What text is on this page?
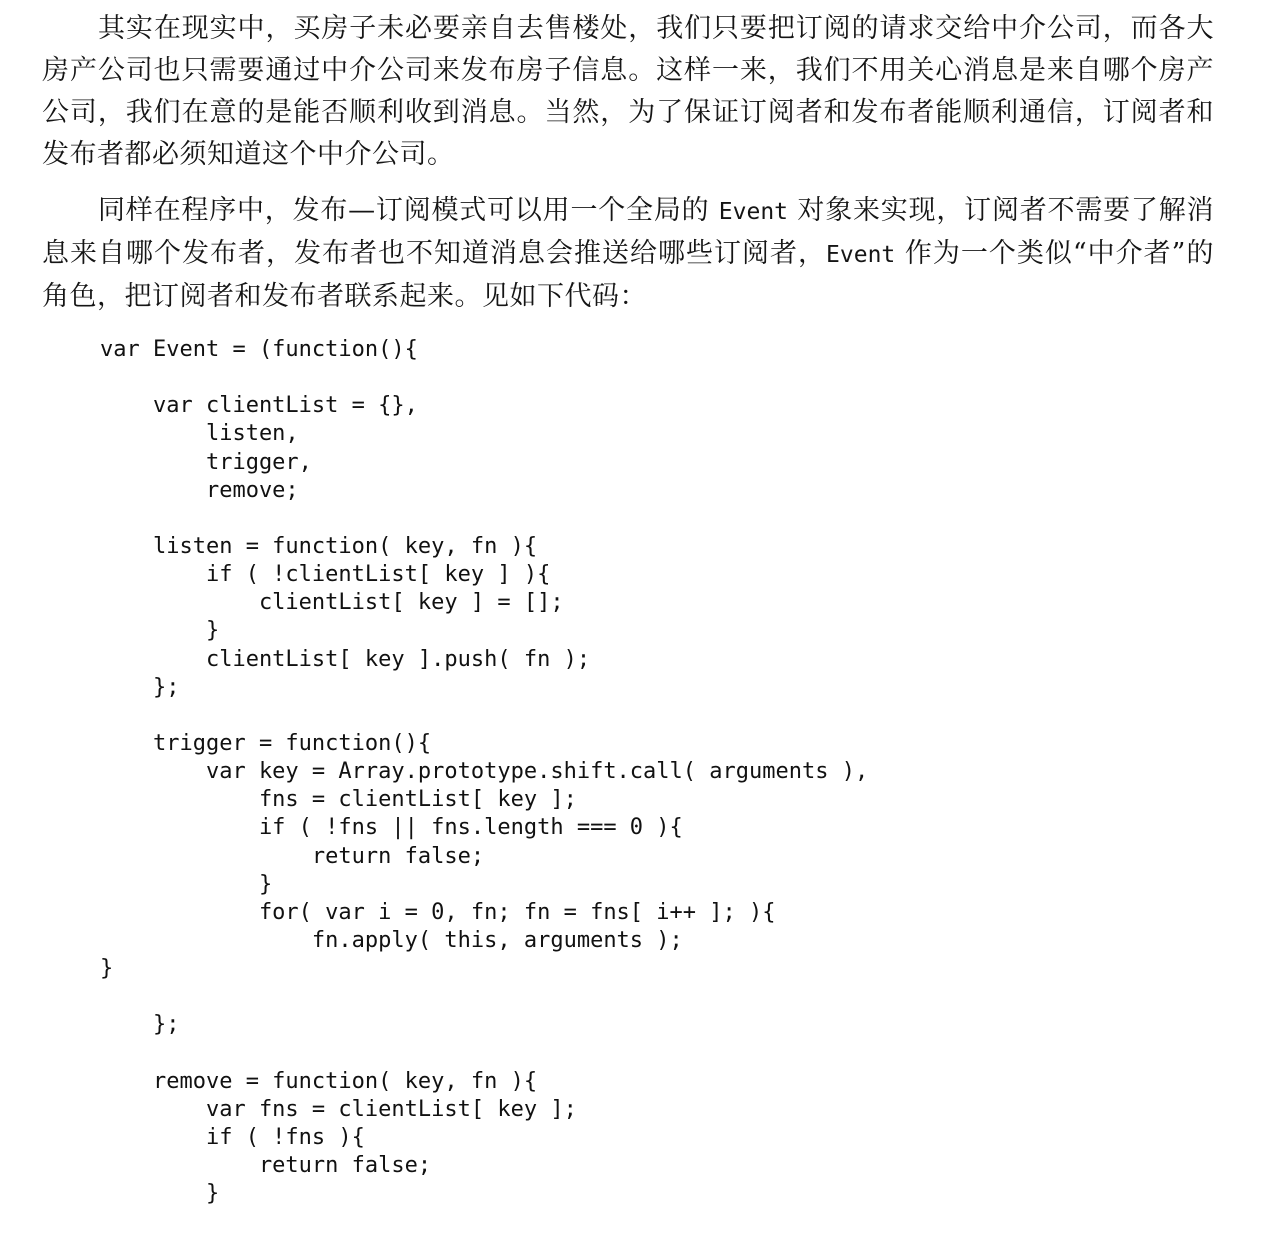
其实在现实中，买房子未必要亲自去售楼处，我们只要把订阅的请求交给中介公司，而各大房产公司也只需要通过中介公司来发布房子信息。这样一来，我们不用关心消息是来自哪个房产公司，我们在意的是能否顺利收到消息。当然，为了保证订阅者和发布者能顺利通信，订阅者和发布者都必须知道这个中介公司。

同样在程序中，发布—订阅模式可以用一个全局的 Event 对象来实现，订阅者不需要了解消息来自哪个发布者，发布者也不知道消息会推送给哪些订阅者，Event 作为一个类似“中介者”的角色，把订阅者和发布者联系起来。见如下代码：

var Event = (function(){

var clientList = {},
listen,
trigger,
remove;

listen = function( key, fn ){
if ( !clientList[ key ] ){
clientList[ key ] = [];
}
clientList[ key ].push( fn );
};

trigger = function(){
var key = Array.prototype.shift.call( arguments ),
fns = clientList[ key ];
if ( !fns || fns.length === 0 ){
return false;
}
for( var i = 0, fn; fn = fns[ i++ ]; ){
fn.apply( this, arguments );
}

};

remove = function( key, fn ){
var fns = clientList[ key ];
if ( !fns ){
return false;
}
